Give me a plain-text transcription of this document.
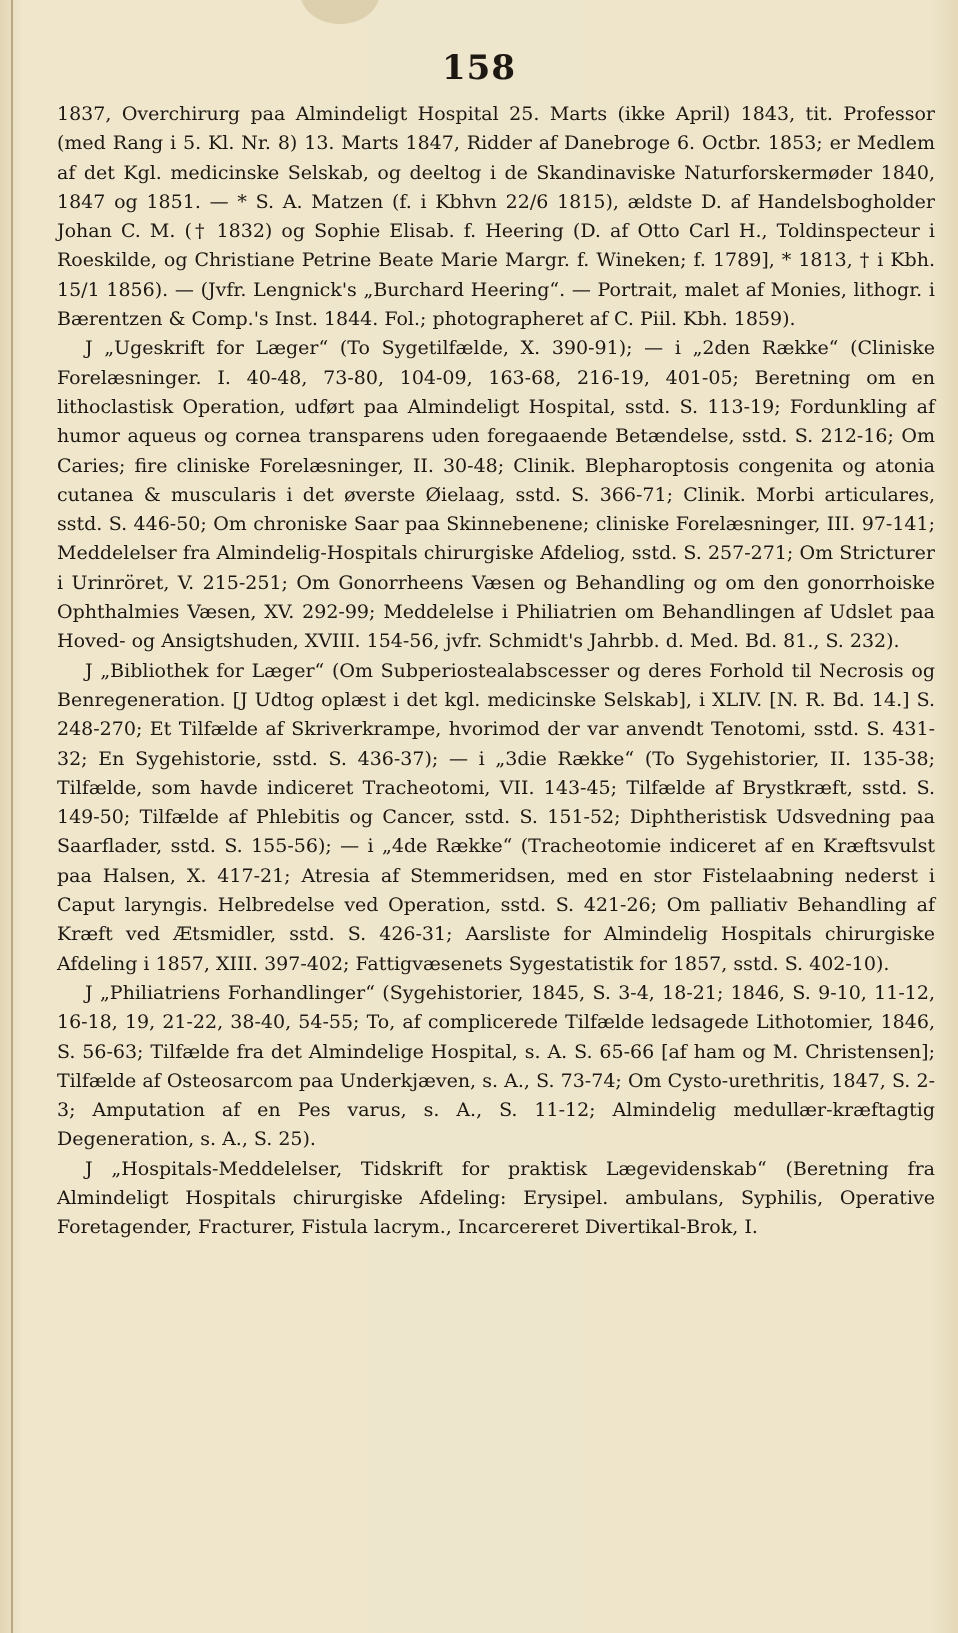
158

1837, Overchirurg paa Almindeligt Hospital 25. Marts (ikke April) 1843, tit. Professor (med Rang i 5. Kl. Nr. 8) 13. Marts 1847, Ridder af Danebroge 6. Octbr. 1853; er Medlem af det Kgl. medicinske Selskab, og deeltog i de Skandinaviske Naturforskermøder 1840, 1847 og 1851. — * S. A. Matzen (f. i Kbhvn 22/6 1815), ældste D. af Handelsbogholder Johan C. M. († 1832) og Sophie Elisab. f. Heering (D. af Otto Carl H., Toldinspecteur i Roeskilde, og Christiane Petrine Beate Marie Margr. f. Wineken; f. 1789], * 1813, † i Kbh. 15/1 1856). — (Jvfr. Lengnick's „Burchard Heering“. — Portrait, malet af Monies, lithogr. i Bærentzen & Comp.'s Inst. 1844. Fol.; photographeret af C. Piil. Kbh. 1859).

J „Ugeskrift for Læger“ (To Sygetilfælde, X. 390-91); — i „2den Række“ (Cliniske Forelæsninger. I. 40-48, 73-80, 104-09, 163-68, 216-19, 401-05; Beretning om en lithoclastisk Operation, udført paa Almindeligt Hospital, sstd. S. 113-19; Fordunkling af humor aqueus og cornea transparens uden foregaaende Betændelse, sstd. S. 212-16; Om Caries; fire cliniske Forelæsninger, II. 30-48; Clinik. Blepharoptosis congenita og atonia cutanea & muscularis i det øverste Øielaag, sstd. S. 366-71; Clinik. Morbi articulares, sstd. S. 446-50; Om chroniske Saar paa Skinnebenene; cliniske Forelæsninger, III. 97-141; Meddelelser fra Almindelig-Hospitals chirurgiske Afdeliog, sstd. S. 257-271; Om Stricturer i Urinröret, V. 215-251; Om Gonorrheens Væsen og Behandling og om den gonorrhoiske Ophthalmies Væsen, XV. 292-99; Meddelelse i Philiatrien om Behandlingen af Udslet paa Hoved- og Ansigtshuden, XVIII. 154-56, jvfr. Schmidt's Jahrbb. d. Med. Bd. 81., S. 232).

J „Bibliothek for Læger“ (Om Subperiostealabscesser og deres Forhold til Necrosis og Benregeneration. [J Udtog oplæst i det kgl. medicinske Selskab], i XLIV. [N. R. Bd. 14.] S. 248-270; Et Tilfælde af Skriverkrampe, hvorimod der var anvendt Tenotomi, sstd. S. 431-32; En Sygehistorie, sstd. S. 436-37); — i „3die Række“ (To Sygehistorier, II. 135-38; Tilfælde, som havde indiceret Tracheotomi, VII. 143-45; Tilfælde af Brystkræft, sstd. S. 149-50; Tilfælde af Phlebitis og Cancer, sstd. S. 151-52; Diphtheristisk Udsvedning paa Saarflader, sstd. S. 155-56); — i „4de Række“ (Tracheotomie indiceret af en Kræftsvulst paa Halsen, X. 417-21; Atresia af Stemmeridsen, med en stor Fistelaabning nederst i Caput laryngis. Helbredelse ved Operation, sstd. S. 421-26; Om palliativ Behandling af Kræft ved Ætsmidler, sstd. S. 426-31; Aarsliste for Almindelig Hospitals chirurgiske Afdeling i 1857, XIII. 397-402; Fattigvæsenets Sygestatistik for 1857, sstd. S. 402-10).

J „Philiatriens Forhandlinger“ (Sygehistorier, 1845, S. 3-4, 18-21; 1846, S. 9-10, 11-12, 16-18, 19, 21-22, 38-40, 54-55; To, af complicerede Tilfælde ledsagede Lithotomier, 1846, S. 56-63; Tilfælde fra det Almindelige Hospital, s. A. S. 65-66 [af ham og M. Christensen]; Tilfælde af Osteosarcom paa Underkjæven, s. A., S. 73-74; Om Cysto-urethritis, 1847, S. 2-3; Amputation af en Pes varus, s. A., S. 11-12; Almindelig medullær-kræftagtig Degeneration, s. A., S. 25).

J „Hospitals-Meddelelser, Tidskrift for praktisk Lægevidenskab“ (Beretning fra Almindeligt Hospitals chirurgiske Afdeling: Erysipel. ambulans, Syphilis, Operative Foretagender, Fracturer, Fistula lacrym., Incarcereret Divertikal-Brok, I.
